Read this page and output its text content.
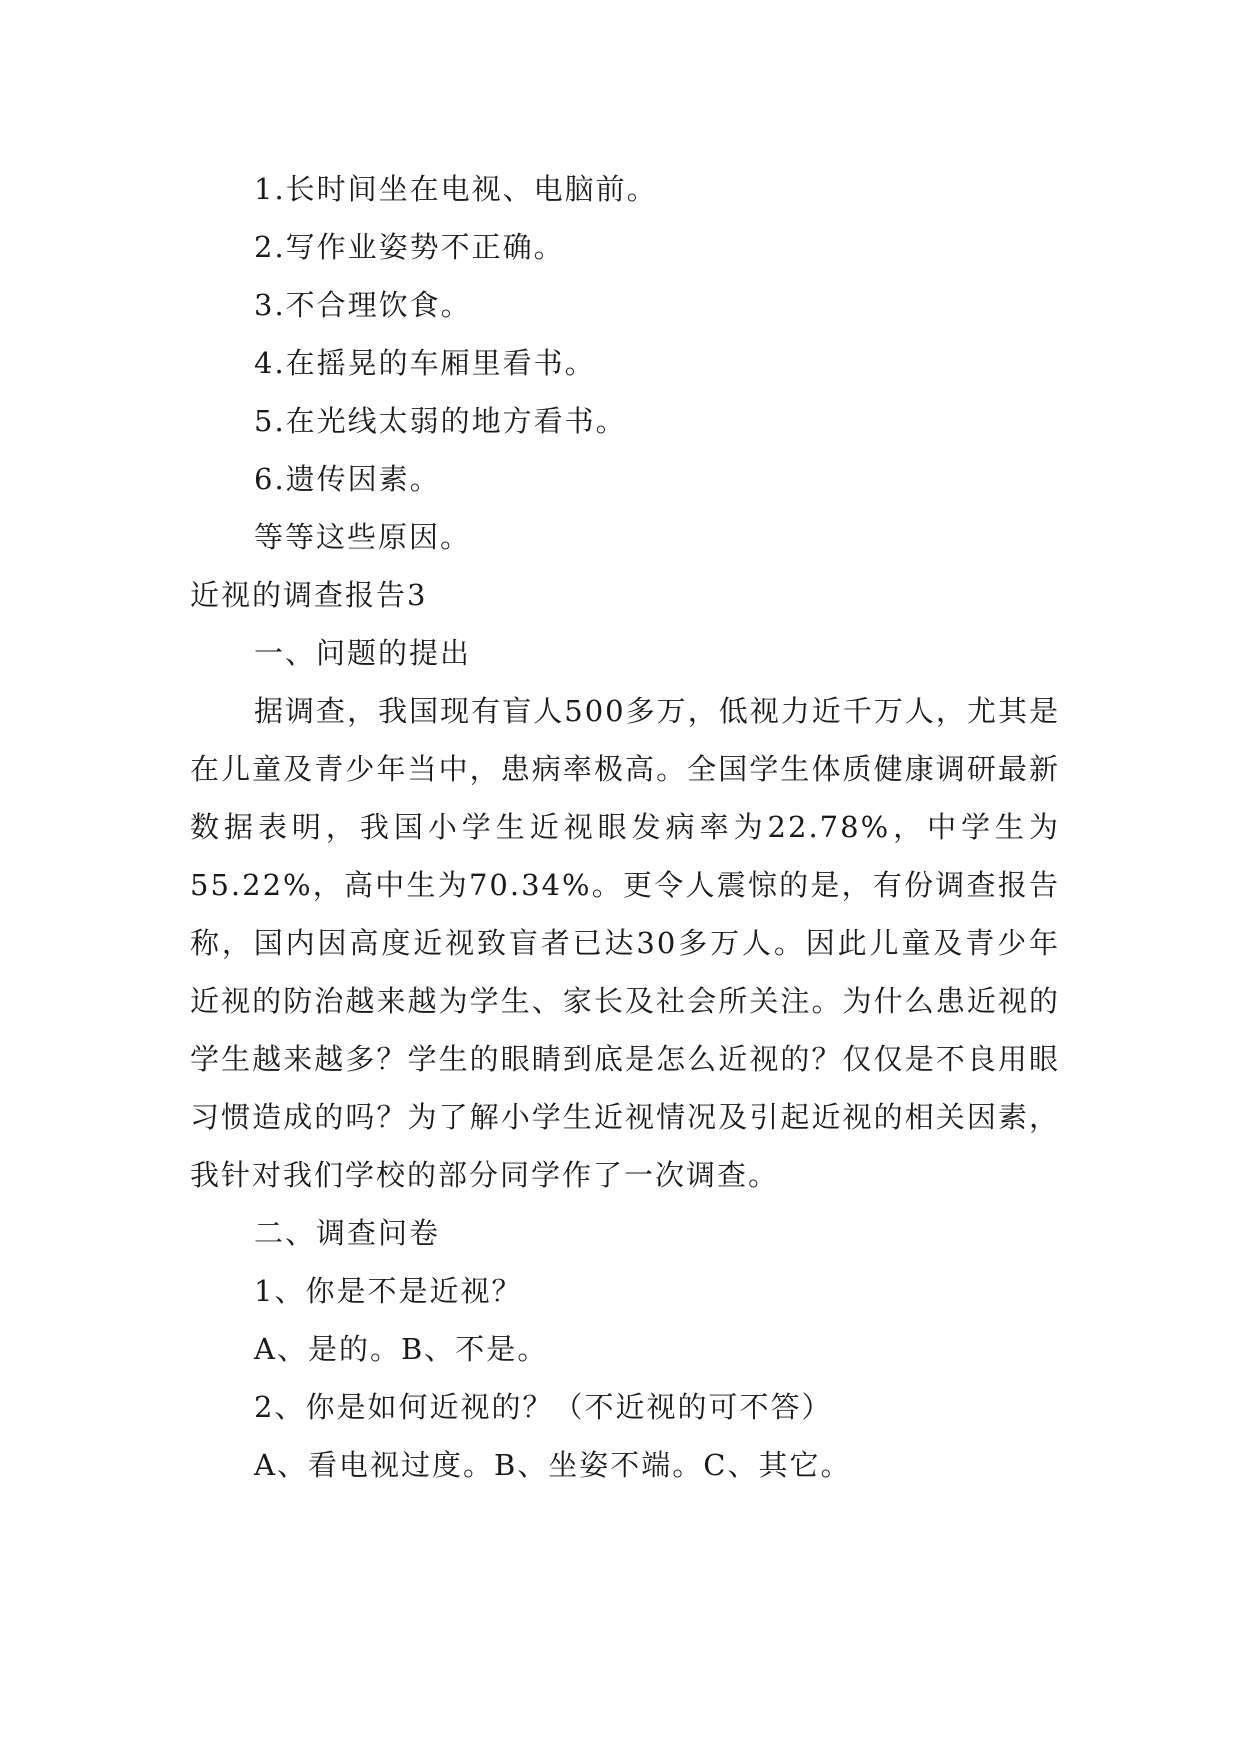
1.长时间坐在电视、电脑前。
2.写作业姿势不正确。
3.不合理饮食。
4.在摇晃的车厢里看书。
5.在光线太弱的地方看书。
6.遗传因素。
等等这些原因。
近视的调查报告3
一、问题的提出

据调查，我国现有盲人500多万，低视力近千万人，尤其是在儿童及青少年当中，患病率极高。全国学生体质健康调研最新数据表明，我国小学生近视眼发病率为22.78%，中学生为55.22%，高中生为70.34%。更令人震惊的是，有份调查报告称，国内因高度近视致盲者已达30多万人。因此儿童及青少年近视的防治越来越为学生、家长及社会所关注。为什么患近视的学生越来越多？学生的眼睛到底是怎么近视的？仅仅是不良用眼习惯造成的吗？为了解小学生近视情况及引起近视的相关因素，我针对我们学校的部分同学作了一次调查。

二、调查问卷
1、你是不是近视？
A、是的。B、不是。
2、你是如何近视的？（不近视的可不答）
A、看电视过度。B、坐姿不端。C、其它。
